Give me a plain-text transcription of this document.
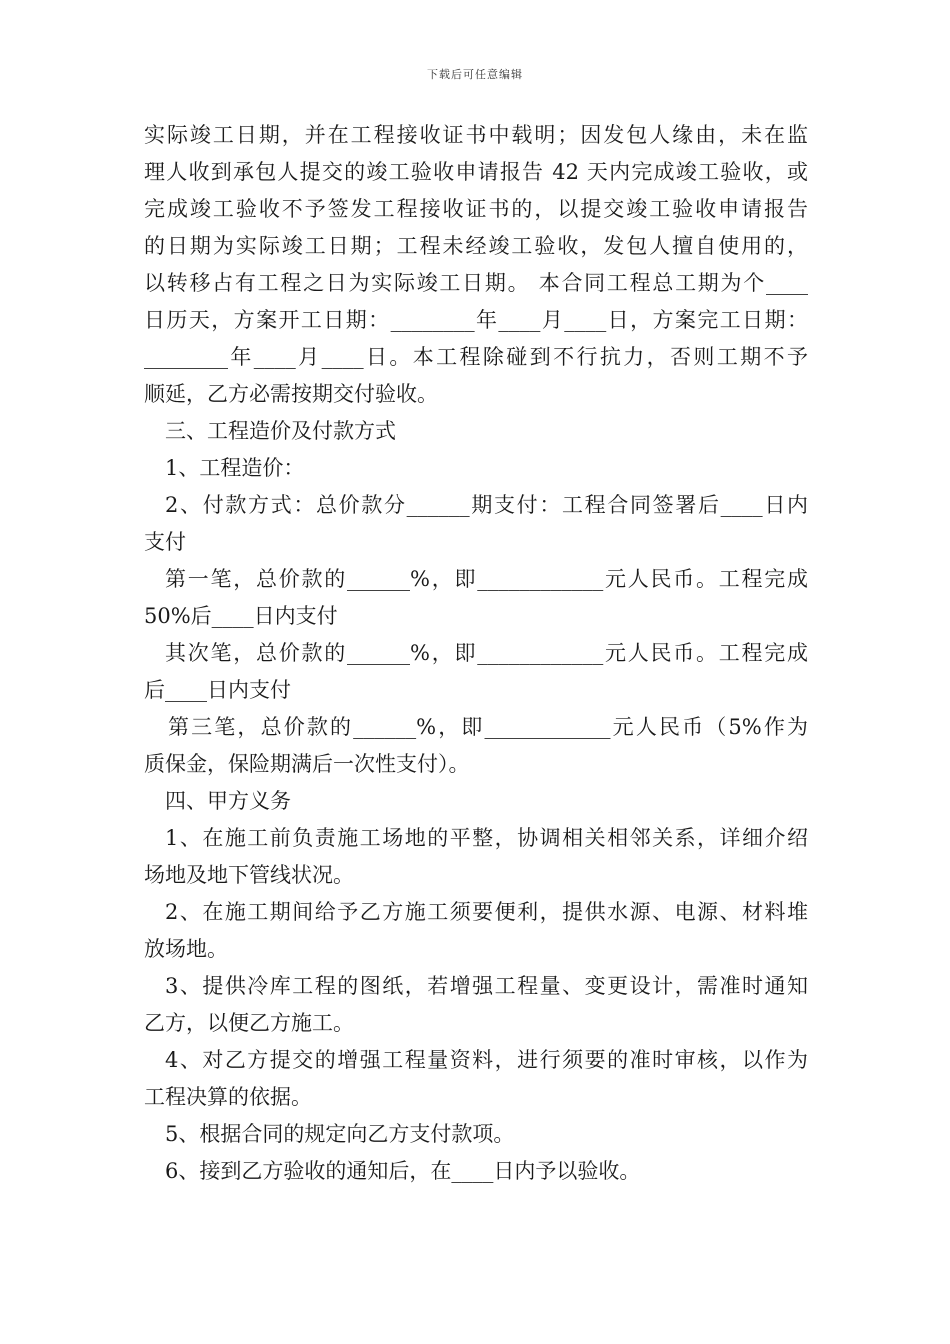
下载后可任意编辑
实际竣工日期，并在工程接收证书中载明；因发包人缘由，未在监
理人收到承包人提交的竣工验收申请报告 42 天内完成竣工验收，或
完成竣工验收不予签发工程接收证书的，以提交竣工验收申请报告
的日期为实际竣工日期；工程未经竣工验收，发包人擅自使用的，
以转移占有工程之日为实际竣工日期。 本合同工程总工期为个____
日历天，方案开工日期：________年____月____日，方案完工日期：
________年____月____日。本工程除碰到不行抗力，否则工期不予
顺延，乙方必需按期交付验收。
三、工程造价及付款方式
1、工程造价：
2、付款方式：总价款分______期支付：工程合同签署后____日内
支付
第一笔，总价款的______%，即____________元人民币。工程完成
50%后____日内支付
其次笔，总价款的______%，即____________元人民币。工程完成
后____日内支付
第三笔，总价款的______%，即____________元人民币（5%作为
质保金，保险期满后一次性支付）。
四、甲方义务
1、在施工前负责施工场地的平整，协调相关相邻关系，详细介绍
场地及地下管线状况。
2、在施工期间给予乙方施工须要便利，提供水源、电源、材料堆
放场地。
3、提供冷库工程的图纸，若增强工程量、变更设计，需准时通知
乙方，以便乙方施工。
4、对乙方提交的增强工程量资料，进行须要的准时审核，以作为
工程决算的依据。
5、根据合同的规定向乙方支付款项。
6、接到乙方验收的通知后，在____日内予以验收。
